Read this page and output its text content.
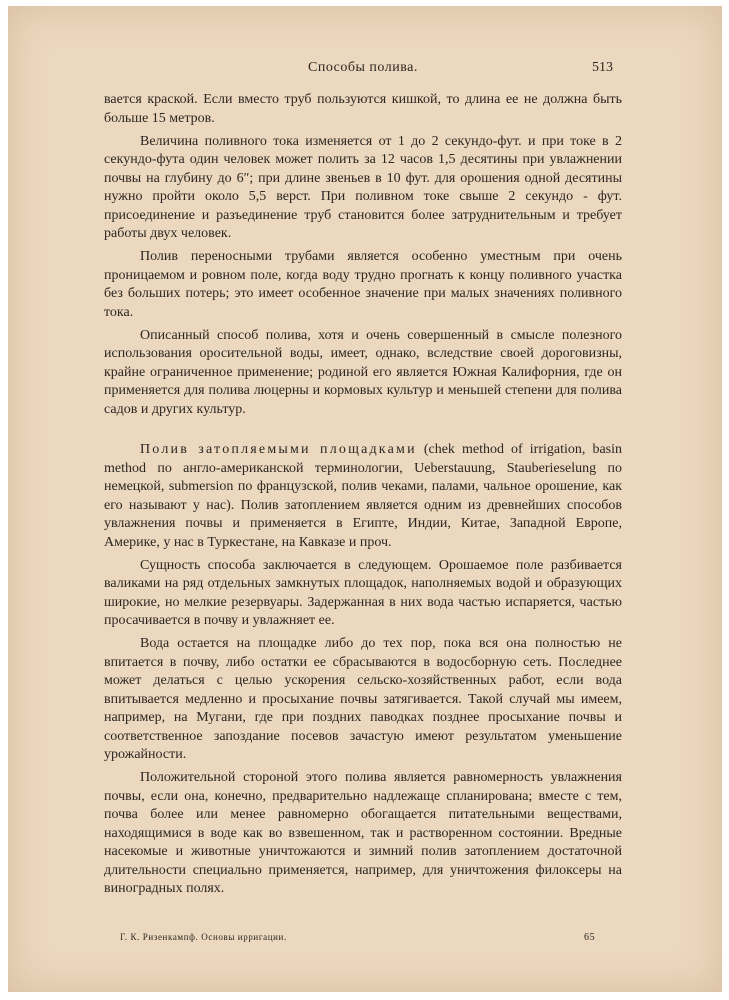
Способы полива.	513

вается краской. Если вместо труб пользуются кишкой, то длина ее не должна быть больше 15 метров.

Величина поливного тока изменяется от 1 до 2 секундо-фут. и при токе в 2 секундо-фута один человек может полить за 12 часов 1,5 десятины при увлажнении почвы на глубину до 6″; при длине звеньев в 10 фут. для орошения одной десятины нужно пройти около 5,5 верст. При поливном токе свыше 2 секундо - фут. присоединение и разъединение труб становится более затруднительным и требует работы двух человек.

Полив переносными трубами является особенно уместным при очень проницаемом и ровном поле, когда воду трудно прогнать к концу поливного участка без больших потерь; это имеет особенное значение при малых значениях поливного тока.

Описанный способ полива, хотя и очень совершенный в смысле полезного использования оросительной воды, имеет, однако, вследствие своей дороговизны, крайне ограниченное применение; родиной его является Южная Калифорния, где он применяется для полива люцерны и кормовых культур и меньшей степени для полива садов и других культур.

Полив затопляемыми площадками (chek method of irrigation, basin method по англо-американской терминологии, Ueberstauung, Stauberieselung по немецкой, submersion по французской, полив чеками, палами, чальное орошение, как его называют у нас). Полив затоплением является одним из древнейших способов увлажнения почвы и применяется в Египте, Индии, Китае, Западной Европе, Америке, у нас в Туркестане, на Кавказе и проч.

Сущность способа заключается в следующем. Орошаемое поле разбивается валиками на ряд отдельных замкнутых площадок, наполняемых водой и образующих широкие, но мелкие резервуары. Задержанная в них вода частью испаряется, частью просачивается в почву и увлажняет ее.

Вода остается на площадке либо до тех пор, пока вся она полностью не впитается в почву, либо остатки ее сбрасываются в водосборную сеть. Последнее может делаться с целью ускорения сельско-хозяйственных работ, если вода впитывается медленно и просыхание почвы затягивается. Такой случай мы имеем, например, на Мугани, где при поздних паводках позднее просыхание почвы и соответственное запоздание посевов зачастую имеют результатом уменьшение урожайности.

Положительной стороной этого полива является равномерность увлажнения почвы, если она, конечно, предварительно надлежаще спланирована; вместе с тем, почва более или менее равномерно обогащается питательными веществами, находящимися в воде как во взвешенном, так и растворенном состоянии. Вредные насекомые и животные уничтожаются и зимний полив затоплением достаточной длительности специально применяется, например, для уничтожения филоксеры на виноградных полях.

Г. К. Ризенкампф. Основы ирригации.	65
